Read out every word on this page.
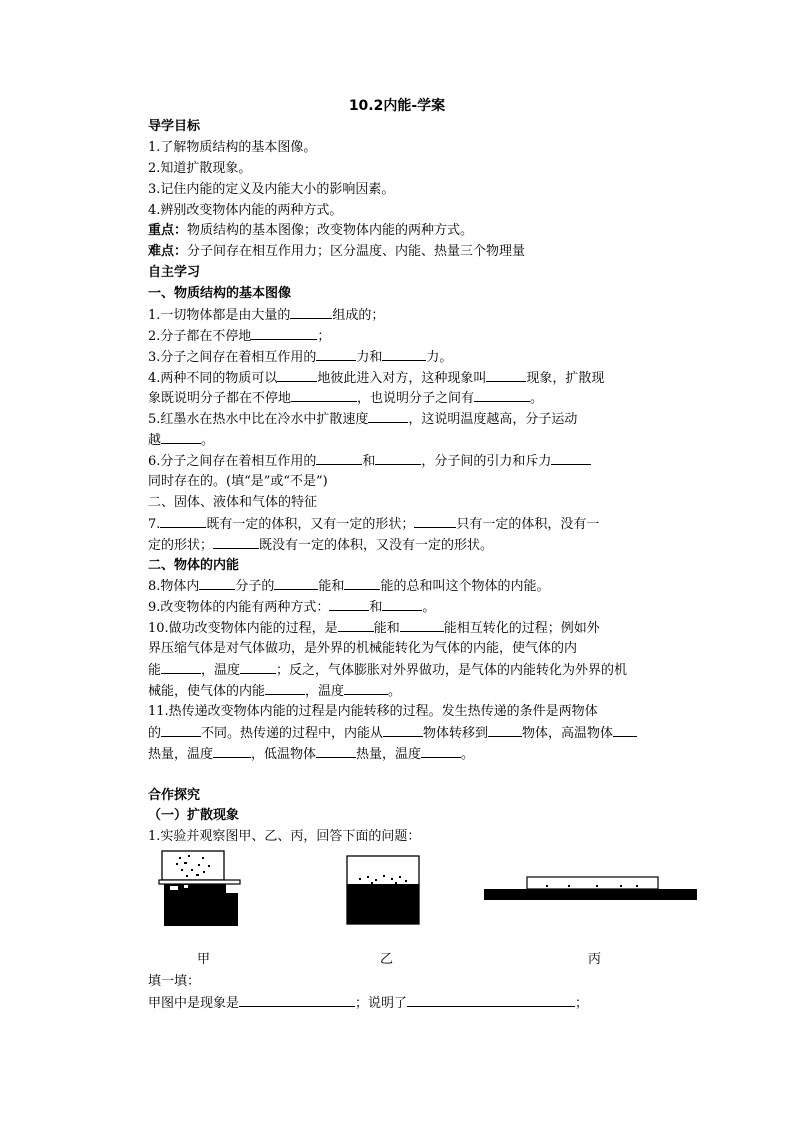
10.2内能-学案
导学目标
1.了解物质结构的基本图像。
2.知道扩散现象。
3.记住内能的定义及内能大小的影响因素。
4.辨别改变物体内能的两种方式。
重点：物质结构的基本图像；改变物体内能的两种方式。
难点：分子间存在相互作用力；区分温度、内能、热量三个物理量
自主学习
一、物质结构的基本图像
1.一切物体都是由大量的	组成的；
2.分子都在不停地	；
3.分子之间存在着相互作用的	力和	力。
4.两种不同的物质可以	地彼此进入对方，这种现象叫	现象，扩散现
象既说明分子都在不停地	，也说明分子之间有	。
5.红墨水在热水中比在冷水中扩散速度	，这说明温度越高，分子运动
越	。
6.分子之间存在着相互作用的	和	，分子间的引力和斥力
同时存在的。(填“是”或“不是”)
二、固体、液体和气体的特征
7.	既有一定的体积，又有一定的形状；	只有一定的体积，没有一
定的形状；	既没有一定的体积，又没有一定的形状。
二、物体的内能
8.物体内	分子的	能和	能的总和叫这个物体的内能。
9.改变物体的内能有两种方式：	和	。
10.做功改变物体内能的过程，是	能和	能相互转化的过程；例如外
界压缩气体是对气体做功，是外界的机械能转化为气体的内能，使气体的内
能	，温度	；反之，气体膨胀对外界做功，是气体的内能转化为外界的机
械能，使气体的内能	，温度	。
11.热传递改变物体内能的过程是内能转移的过程。发生热传递的条件是两物体
的	不同。热传递的过程中，内能从	物体转移到	物体，高温物体
热量，温度	，低温物体	热量，温度	。
合作探究
（一）扩散现象
1.实验并观察图甲、乙、丙，回答下面的问题：
甲	乙	丙
填一填：
甲图中是现象是	；说明了	；
